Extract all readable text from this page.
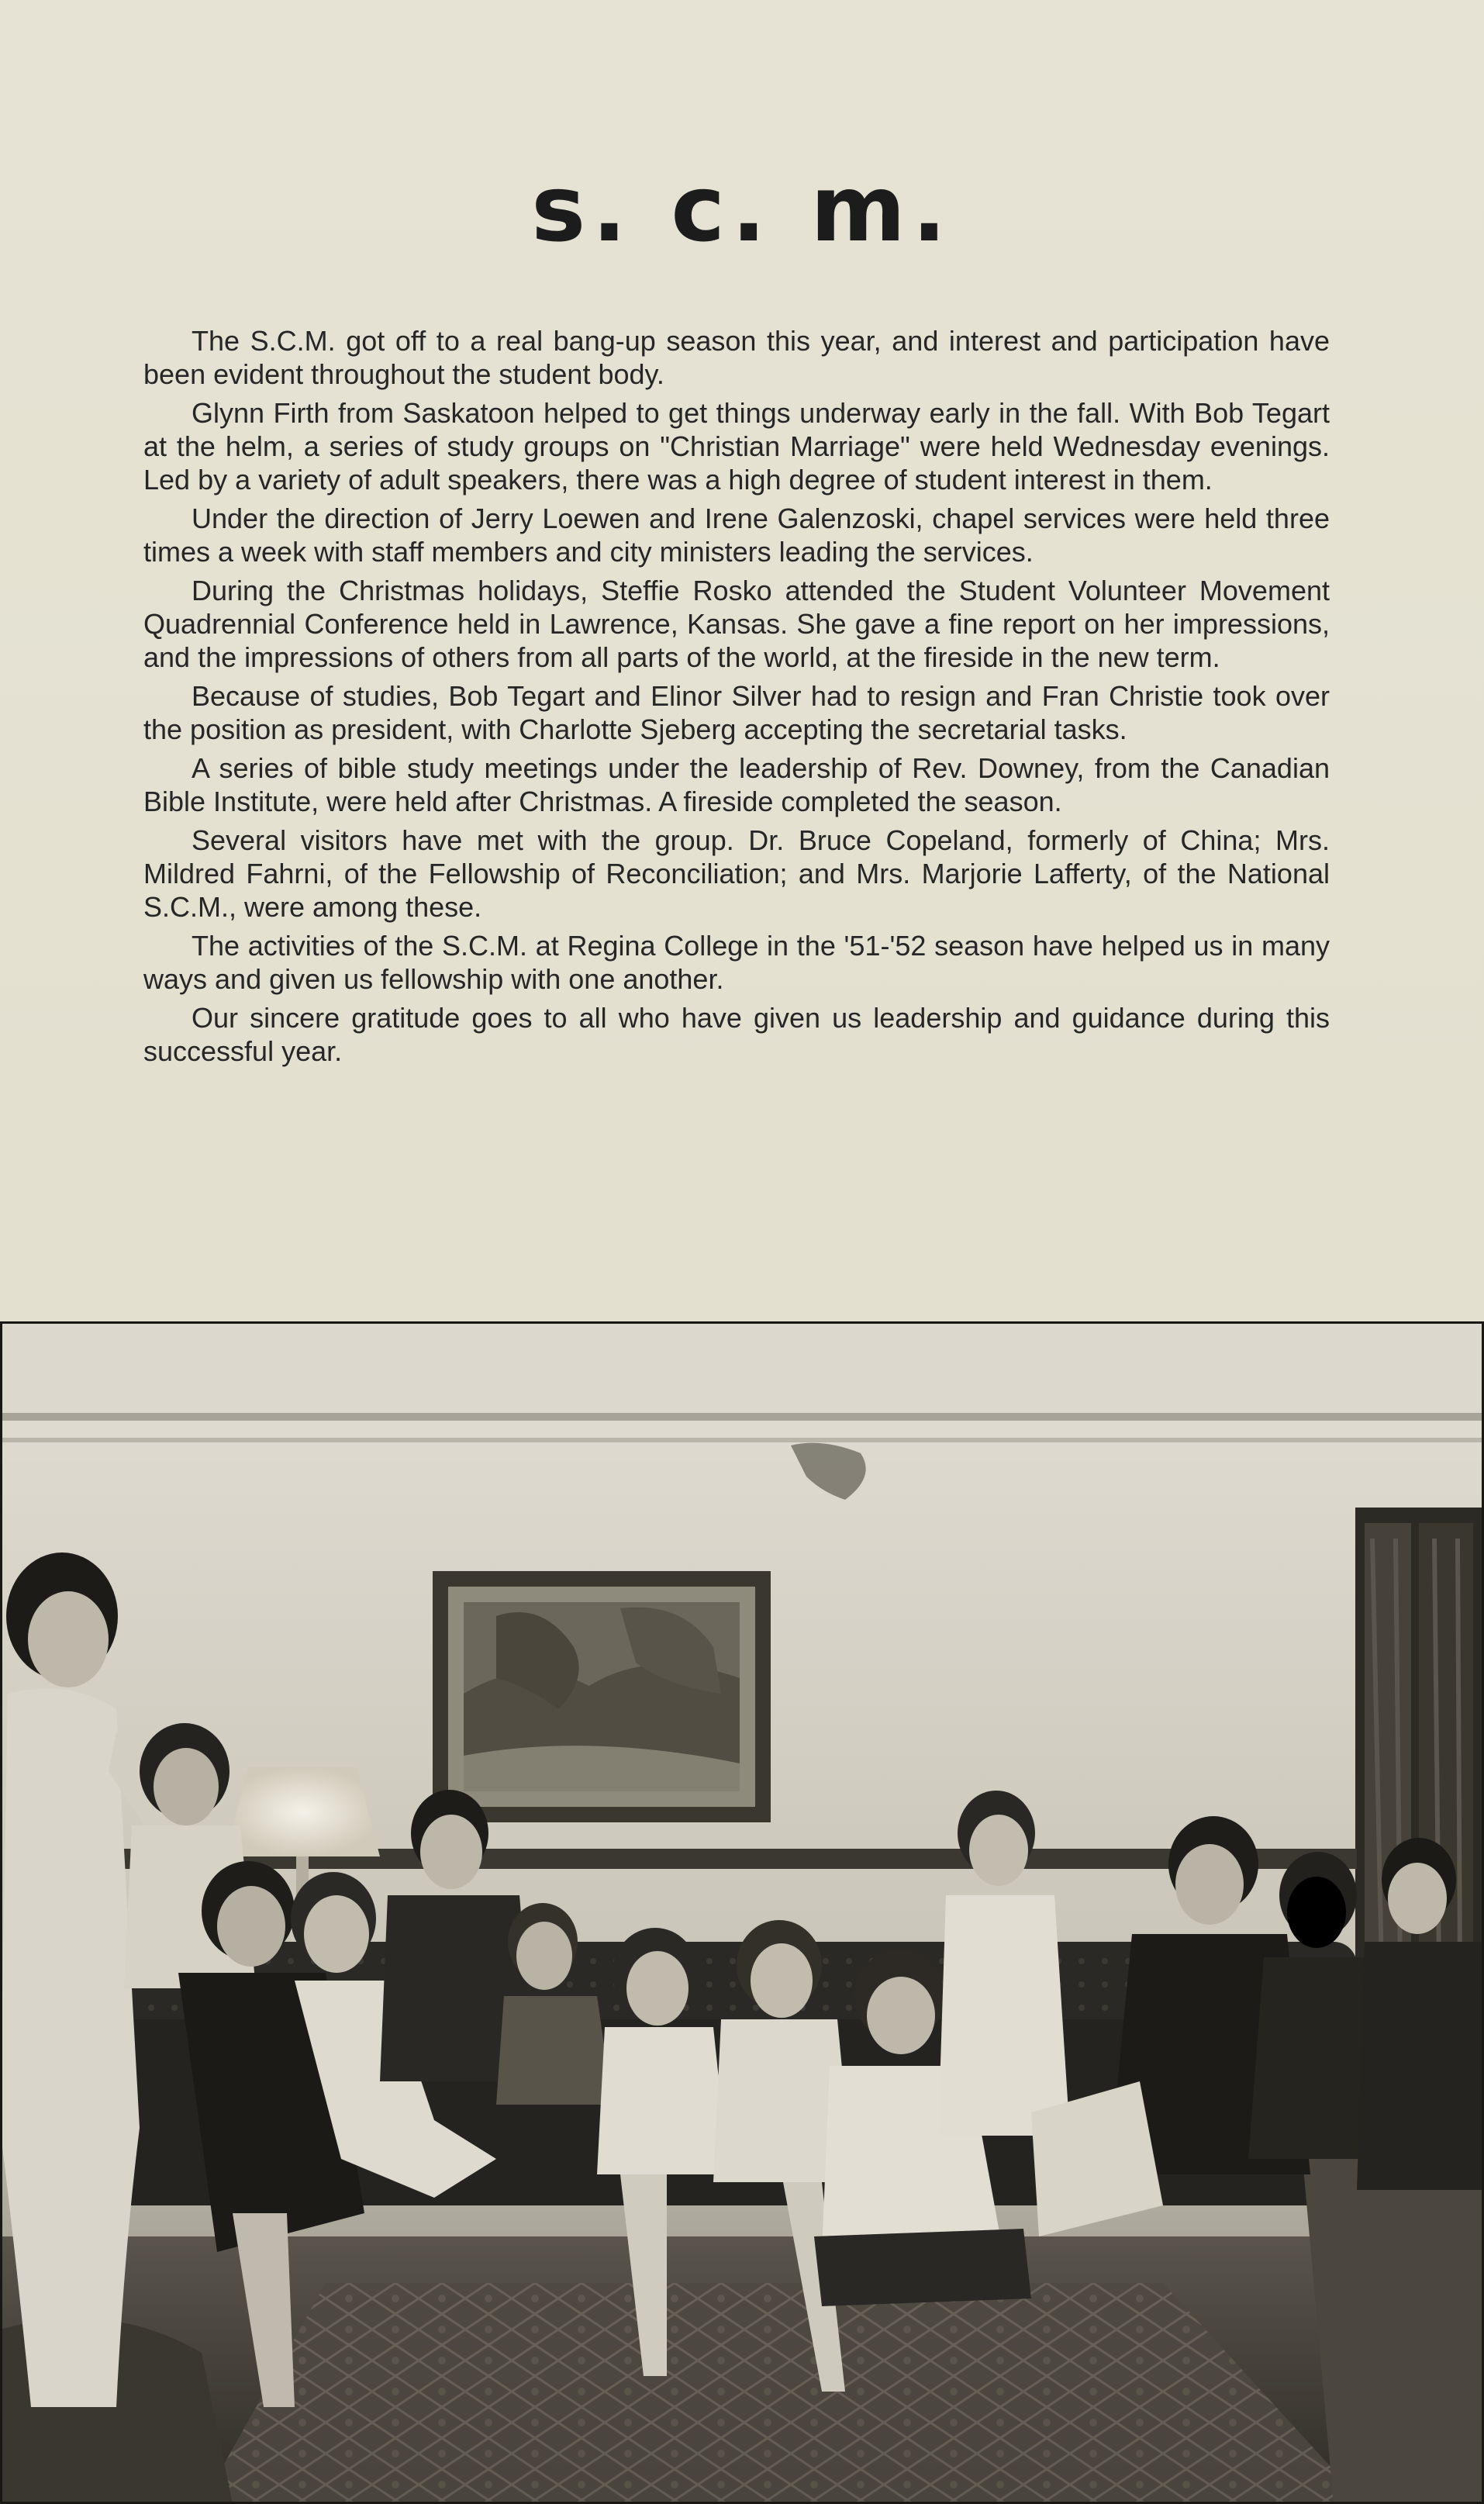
s. c. m.

The S.C.M. got off to a real bang-up season this year, and interest and participation have been evident throughout the student body.

Glynn Firth from Saskatoon helped to get things underway early in the fall. With Bob Tegart at the helm, a series of study groups on "Christian Marriage" were held Wednesday evenings. Led by a variety of adult speakers, there was a high degree of student interest in them.

Under the direction of Jerry Loewen and Irene Galenzoski, chapel services were held three times a week with staff members and city ministers leading the services.

During the Christmas holidays, Steffie Rosko attended the Student Volunteer Movement Quadrennial Conference held in Lawrence, Kansas. She gave a fine report on her impressions, and the impressions of others from all parts of the world, at the fireside in the new term.

Because of studies, Bob Tegart and Elinor Silver had to resign and Fran Christie took over the position as president, with Charlotte Sjeberg accepting the secretarial tasks.

A series of bible study meetings under the leadership of Rev. Downey, from the Canadian Bible Institute, were held after Christmas. A fireside completed the season.

Several visitors have met with the group. Dr. Bruce Copeland, formerly of China; Mrs. Mildred Fahrni, of the Fellowship of Reconciliation; and Mrs. Marjorie Lafferty, of the National S.C.M., were among these.

The activities of the S.C.M. at Regina College in the '51-'52 season have helped us in many ways and given us fellowship with one another.

Our sincere gratitude goes to all who have given us leadership and guidance during this successful year.
